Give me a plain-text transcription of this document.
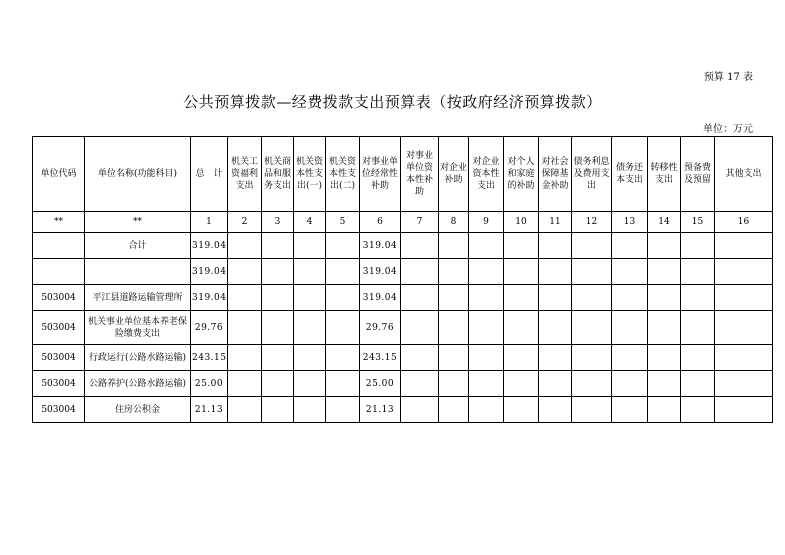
预算 17 表
公共预算拨款—经费拨款支出预算表（按政府经济预算拨款）
单位：万元
单位代码	单位名称(功能科目)	总　计	机关工资福利支出	机关商品和服务支出	机关资本性支出(一)	机关资本性支出(二)	对事业单位经常性补助	对事业单位资本性补助	对企业补助	对企业资本性支出	对个人和家庭的补助	对社会保障基金补助	债务利息及费用支出	债务还本支出	转移性支出	预备费及预留	其他支出
**	**	1	2	3	4	5	6	7	8	9	10	11	12	13	14	15	16
	合计	319.04					319.04										
		319.04					319.04										
503004	平江县道路运输管理所	319.04					319.04										
503004	机关事业单位基本养老保险缴费支出	29.76					29.76										
503004	行政运行(公路水路运输)	243.15					243.15										
503004	公路养护(公路水路运输)	25.00					25.00										
503004	住房公积金	21.13					21.13										
